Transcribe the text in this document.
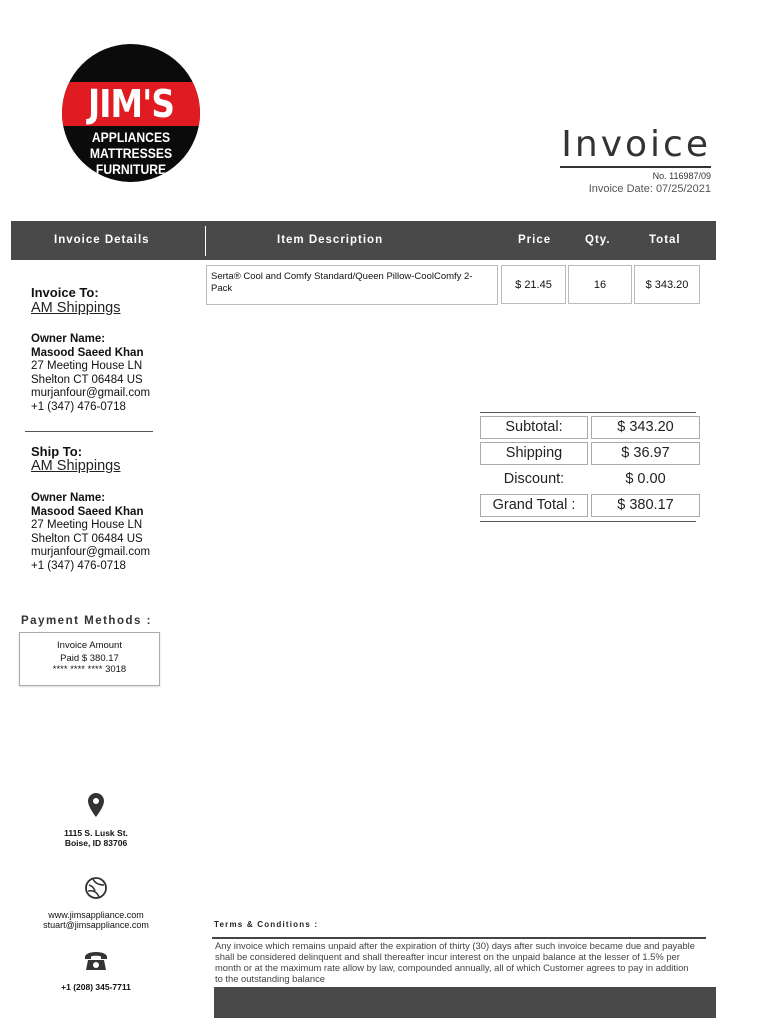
JIM'S
APPLIANCES
MATTRESSES
FURNITURE
Invoice
No. 116987/09
Invoice Date: 07/25/2021
Invoice Details	Item Description	Price	Qty.	Total
Serta® Cool and Comfy Standard/Queen Pillow-CoolComfy 2-Pack	$ 21.45	16	$ 343.20
Invoice To:
AM Shippings
Owner Name:
Masood Saeed Khan
27 Meeting House LN
Shelton CT 06484 US
murjanfour@gmail.com
+1 (347) 476-0718
Ship To:
AM Shippings
Owner Name:
Masood Saeed Khan
27 Meeting House LN
Shelton CT 06484 US
murjanfour@gmail.com
+1 (347) 476-0718
Subtotal:	$ 343.20
Shipping	$ 36.97
Discount:	$ 0.00
Grand Total :	$ 380.17
Payment Methods :
Invoice Amount
Paid $ 380.17
**** **** **** 3018
1115 S. Lusk St.
Boise, ID 83706
www.jimsappliance.com
stuart@jimsappliance.com
+1 (208) 345-7711
Terms & Conditions :
Any invoice which remains unpaid after the expiration of thirty (30) days after such invoice became due and payable shall be considered delinquent and shall thereafter incur interest on the unpaid balance at the lesser of 1.5% per month or at the maximum rate allow by law, compounded annually, all of which Customer agrees to pay in addition to the outstanding balance
